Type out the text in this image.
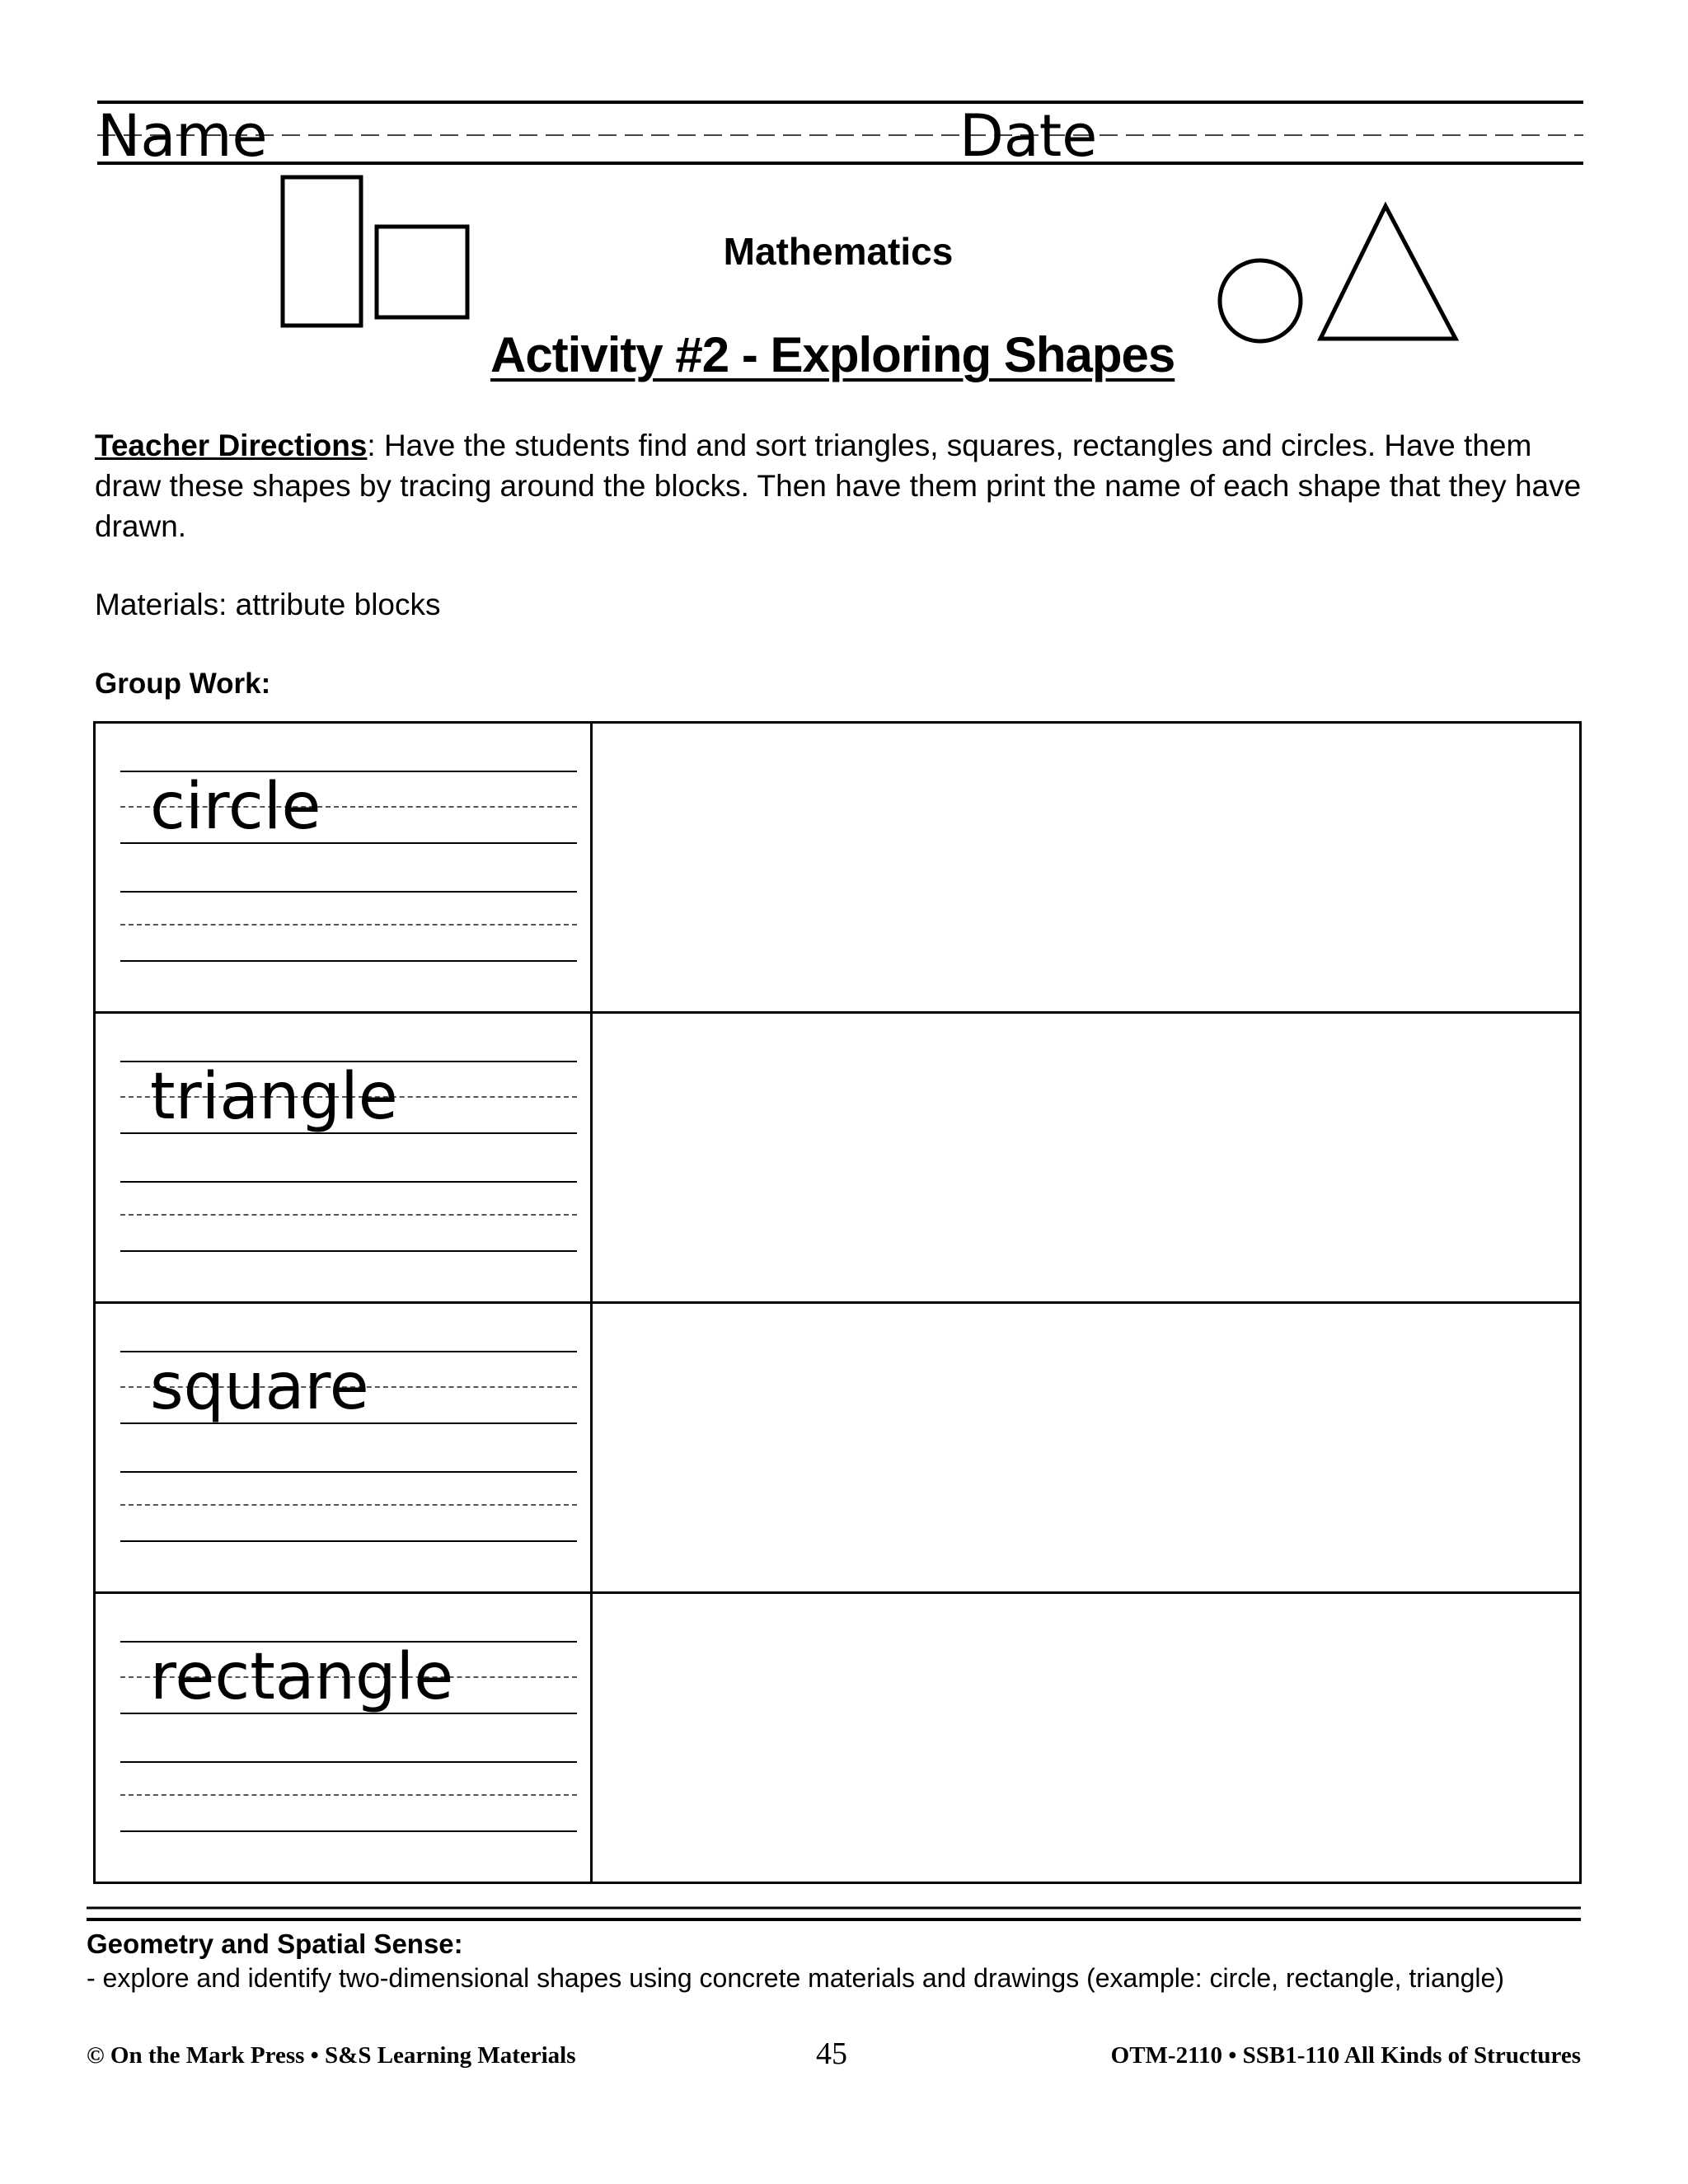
Name	Date
Mathematics
Activity #2 - Exploring Shapes
Teacher Directions: Have the students find and sort triangles, squares, rectangles and circles. Have them draw these shapes by tracing around the blocks. Then have them print the name of each shape that they have drawn.
Materials: attribute blocks
Group Work:
circle	

triangle	

square	

rectangle	

Geometry and Spatial Sense:
- explore and identify two-dimensional shapes using concrete materials and drawings (example: circle, rectangle, triangle)
© On the Mark Press • S&S Learning Materials	45	OTM-2110 • SSB1-110 All Kinds of Structures
